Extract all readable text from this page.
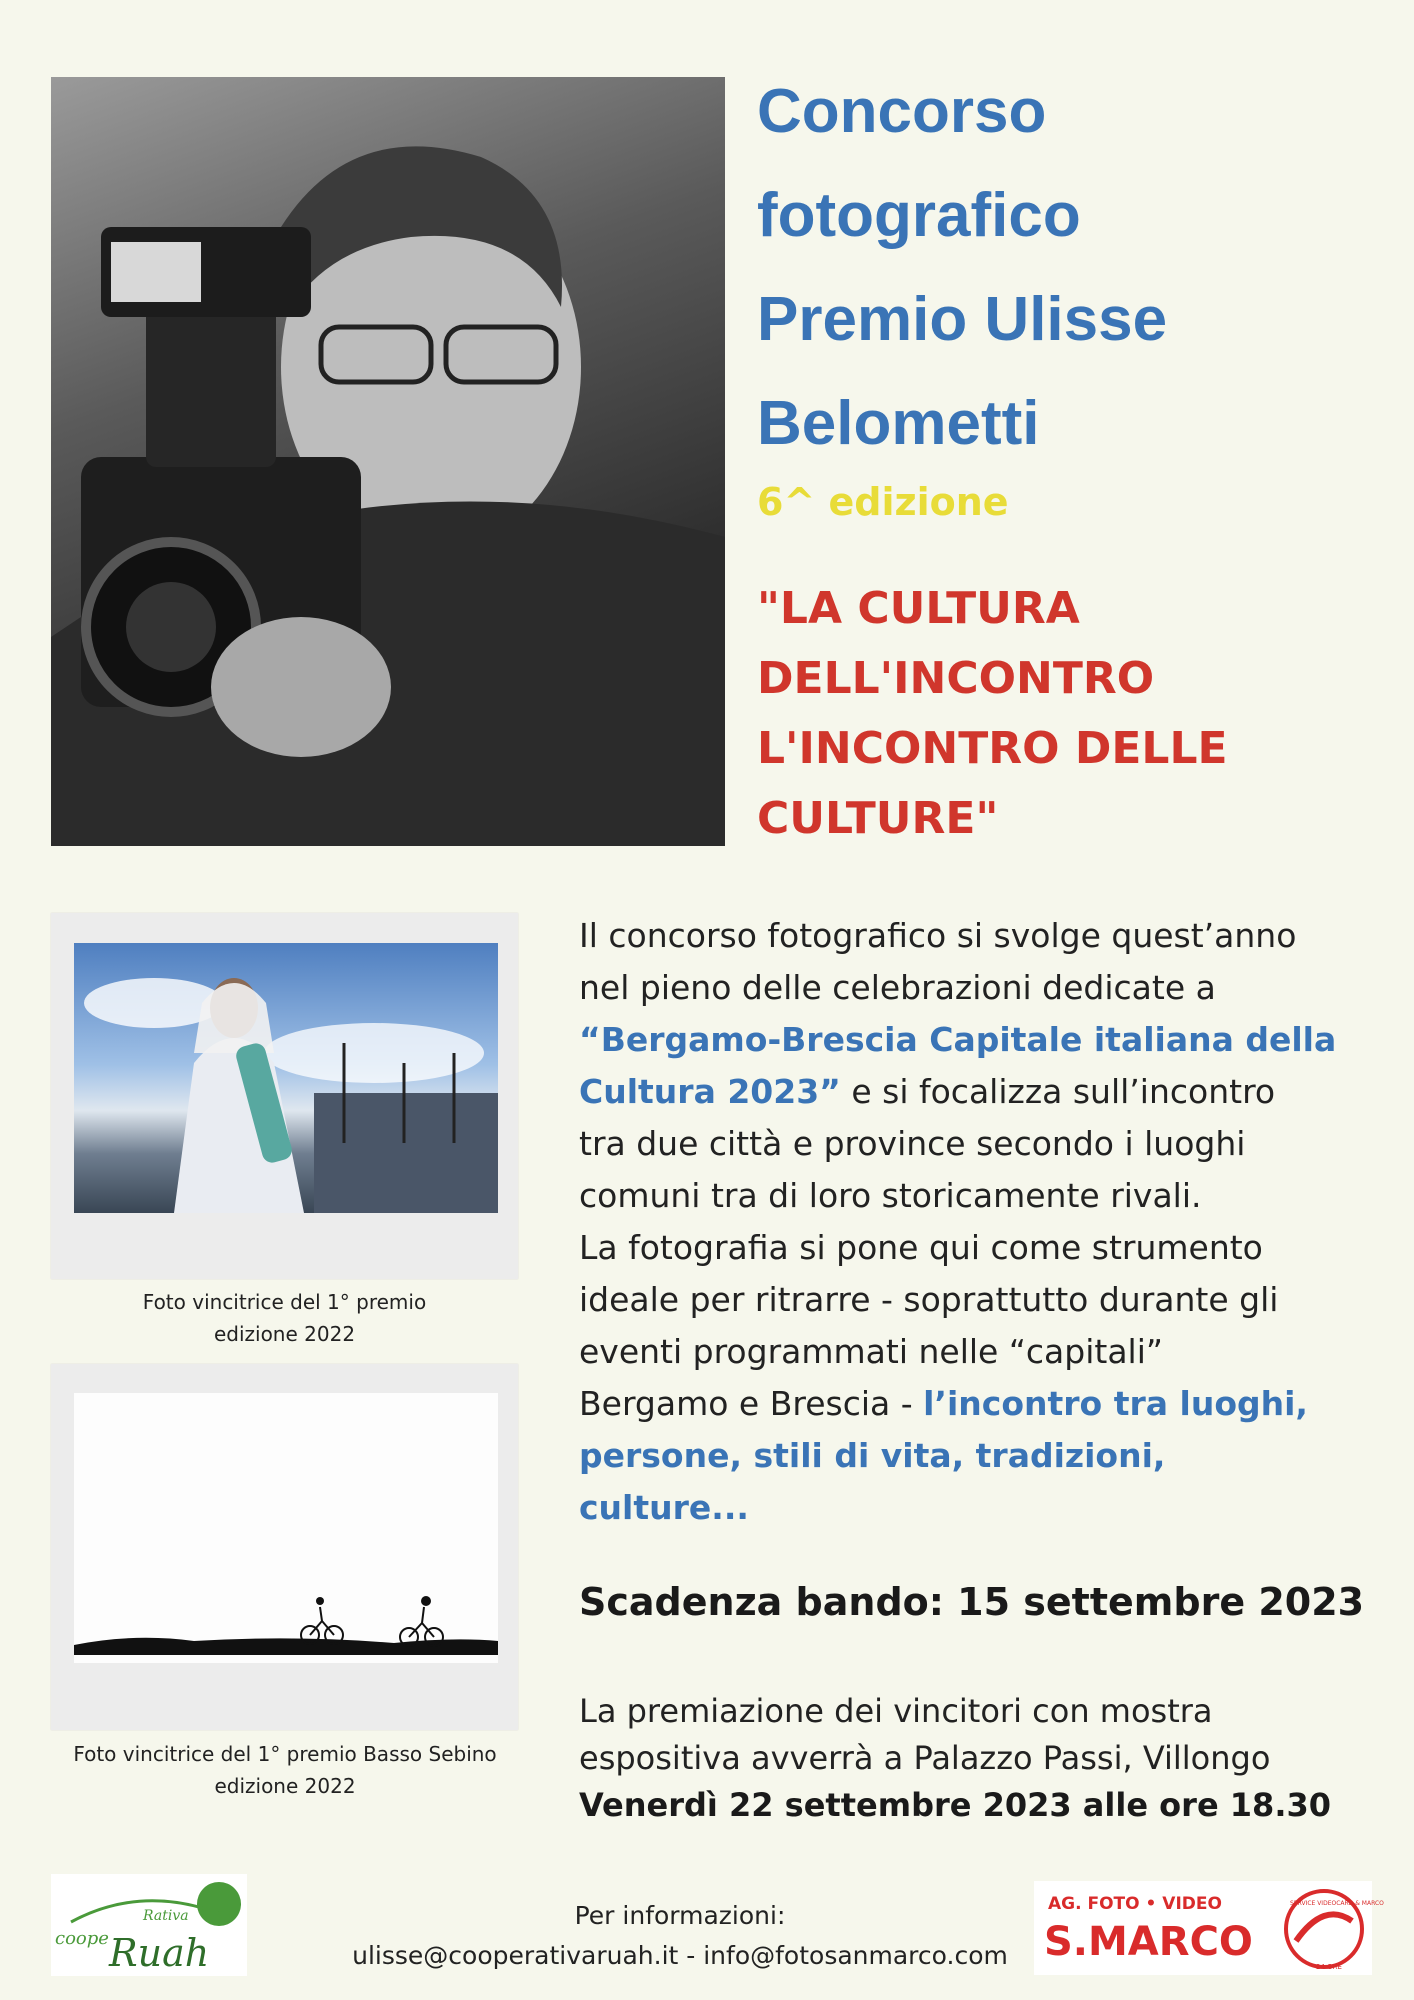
Concorso
fotografico
Premio Ulisse
Belometti
6^ edizione
"LA CULTURA
DELL'INCONTRO
L'INCONTRO DELLE
CULTURE"
Foto vincitrice del 1° premio
edizione 2022
Foto vincitrice del 1° premio Basso Sebino
edizione 2022
Il concorso fotografico si svolge quest’anno
nel pieno delle celebrazioni dedicate a
“Bergamo-Brescia Capitale italiana della
Cultura 2023” e si focalizza sull’incontro
tra due città e province secondo i luoghi
comuni tra di loro storicamente rivali.
La fotografia si pone qui come strumento
ideale per ritrarre - soprattutto durante gli
eventi programmati nelle “capitali”
Bergamo e Brescia - l’incontro tra luoghi,
persone, stili di vita, tradizioni,
culture...
Scadenza bando: 15 settembre 2023
La premiazione dei vincitori con mostra
espositiva avverrà a Palazzo Passi, Villongo
Venerdì 22 settembre 2023 alle ore 18.30
coope
Rativa
Ruah
Per informazioni:
ulisse@cooperativaruah.it - info@fotosanmarco.com
AG. FOTO • VIDEO
S.MARCO
SERVICE VIDEOCARD & MARCO
24 ORE
